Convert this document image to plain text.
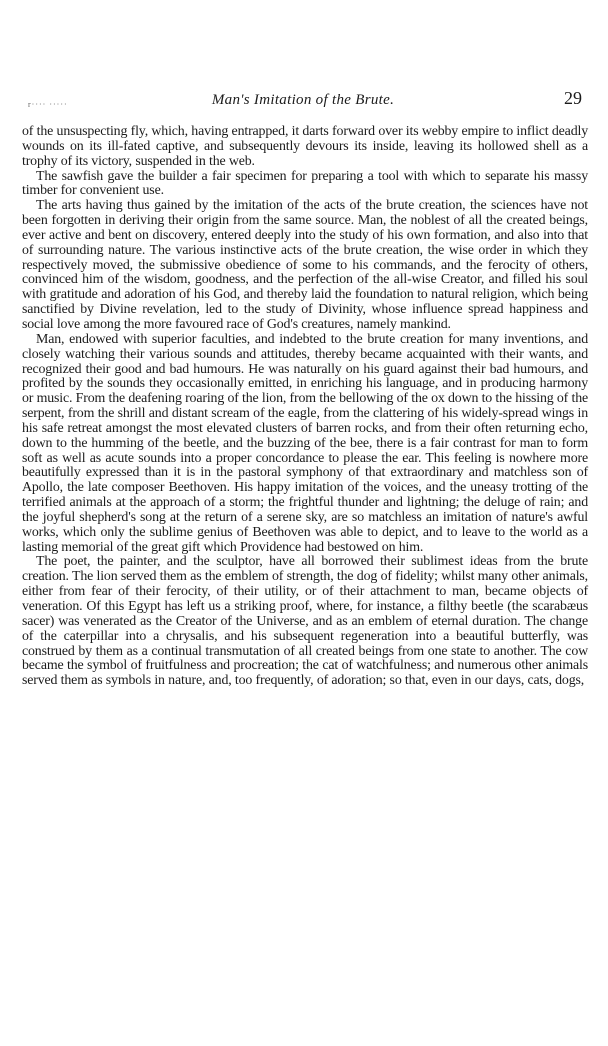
r···· ·····	Man's Imitation of the Brute.	29

of the unsuspecting fly, which, having entrapped, it darts forward over its webby empire to inflict deadly wounds on its ill-fated captive, and subsequently devours its inside, leaving its hollowed shell as a trophy of its victory, suspended in the web.

The sawfish gave the builder a fair specimen for preparing a tool with which to separate his massy timber for convenient use.

The arts having thus gained by the imitation of the acts of the brute creation, the sciences have not been forgotten in deriving their origin from the same source. Man, the noblest of all the created beings, ever active and bent on discovery, entered deeply into the study of his own formation, and also into that of surrounding nature. The various instinctive acts of the brute creation, the wise order in which they respectively moved, the submissive obedience of some to his commands, and the ferocity of others, convinced him of the wisdom, goodness, and the perfection of the all-wise Creator, and filled his soul with gratitude and adoration of his God, and thereby laid the foundation to natural religion, which being sanctified by Divine revelation, led to the study of Divinity, whose influence spread happiness and social love among the more favoured race of God's creatures, namely mankind.

Man, endowed with superior faculties, and indebted to the brute creation for many inventions, and closely watching their various sounds and attitudes, thereby became acquainted with their wants, and recognized their good and bad humours. He was naturally on his guard against their bad humours, and profited by the sounds they occasionally emitted, in enriching his language, and in producing harmony or music. From the deafening roaring of the lion, from the bellowing of the ox down to the hissing of the serpent, from the shrill and distant scream of the eagle, from the clattering of his widely-spread wings in his safe retreat amongst the most elevated clusters of barren rocks, and from their often returning echo, down to the humming of the beetle, and the buzzing of the bee, there is a fair contrast for man to form soft as well as acute sounds into a proper concordance to please the ear. This feeling is nowhere more beautifully expressed than it is in the pastoral symphony of that extraordinary and matchless son of Apollo, the late composer Beethoven. His happy imitation of the voices, and the uneasy trotting of the terrified animals at the approach of a storm; the frightful thunder and lightning; the deluge of rain; and the joyful shepherd's song at the return of a serene sky, are so matchless an imitation of nature's awful works, which only the sublime genius of Beethoven was able to depict, and to leave to the world as a lasting memorial of the great gift which Providence had bestowed on him.

The poet, the painter, and the sculptor, have all borrowed their sublimest ideas from the brute creation. The lion served them as the emblem of strength, the dog of fidelity; whilst many other animals, either from fear of their ferocity, of their utility, or of their attachment to man, became objects of veneration. Of this Egypt has left us a striking proof, where, for instance, a filthy beetle (the scarabæus sacer) was venerated as the Creator of the Universe, and as an emblem of eternal duration. The change of the caterpillar into a chrysalis, and his subsequent regeneration into a beautiful butterfly, was construed by them as a continual transmutation of all created beings from one state to another. The cow became the symbol of fruitfulness and procreation; the cat of watchfulness; and numerous other animals served them as symbols in nature, and, too frequently, of adoration; so that, even in our days, cats, dogs,
